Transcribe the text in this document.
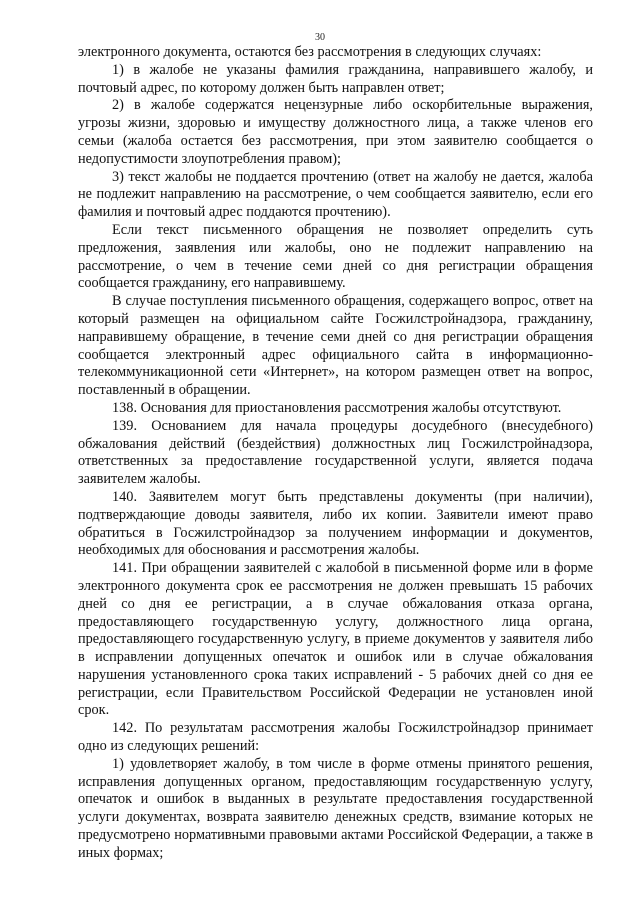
30

электронного документа, остаются без рассмотрения в следующих случаях:

1) в жалобе не указаны фамилия гражданина, направившего жалобу, и почтовый адрес, по которому должен быть направлен ответ;

2) в жалобе содержатся нецензурные либо оскорбительные выражения, угрозы жизни, здоровью и имуществу должностного лица, а также членов его семьи (жалоба остается без рассмотрения, при этом заявителю сообщается о недопустимости злоупотребления правом);

3) текст жалобы не поддается прочтению (ответ на жалобу не дается, жалоба не подлежит направлению на рассмотрение, о чем сообщается заявителю, если его фамилия и почтовый адрес поддаются прочтению).

Если текст письменного обращения не позволяет определить суть предложения, заявления или жалобы, оно не подлежит направлению на рассмотрение, о чем в течение семи дней со дня регистрации обращения сообщается гражданину, его направившему.

В случае поступления письменного обращения, содержащего вопрос, ответ на который размещен на официальном сайте Госжилстройнадзора, гражданину, направившему обращение, в течение семи дней со дня регистрации обращения сообщается электронный адрес официального сайта в информационно-телекоммуникационной сети «Интернет», на котором размещен ответ на вопрос, поставленный в обращении.

138. Основания для приостановления рассмотрения жалобы отсутствуют.

139. Основанием для начала процедуры досудебного (внесудебного) обжалования действий (бездействия) должностных лиц Госжилстройнадзора, ответственных за предоставление государственной услуги, является подача заявителем жалобы.

140. Заявителем могут быть представлены документы (при наличии), подтверждающие доводы заявителя, либо их копии. Заявители имеют право обратиться в Госжилстройнадзор за получением информации и документов, необходимых для обоснования и рассмотрения жалобы.

141. При обращении заявителей с жалобой в письменной форме или в форме электронного документа срок ее рассмотрения не должен превышать 15 рабочих дней со дня ее регистрации, а в случае обжалования отказа органа, предоставляющего государственную услугу, должностного лица органа, предоставляющего государственную услугу, в приеме документов у заявителя либо в исправлении допущенных опечаток и ошибок или в случае обжалования нарушения установленного срока таких исправлений - 5 рабочих дней со дня ее регистрации, если Правительством Российской Федерации не установлен иной срок.

142. По результатам рассмотрения жалобы Госжилстройнадзор принимает одно из следующих решений:

1) удовлетворяет жалобу, в том числе в форме отмены принятого решения, исправления допущенных органом, предоставляющим государственную услугу, опечаток и ошибок в выданных в результате предоставления государственной услуги документах, возврата заявителю денежных средств, взимание которых не предусмотрено нормативными правовыми актами Российской Федерации, а также в иных формах;
